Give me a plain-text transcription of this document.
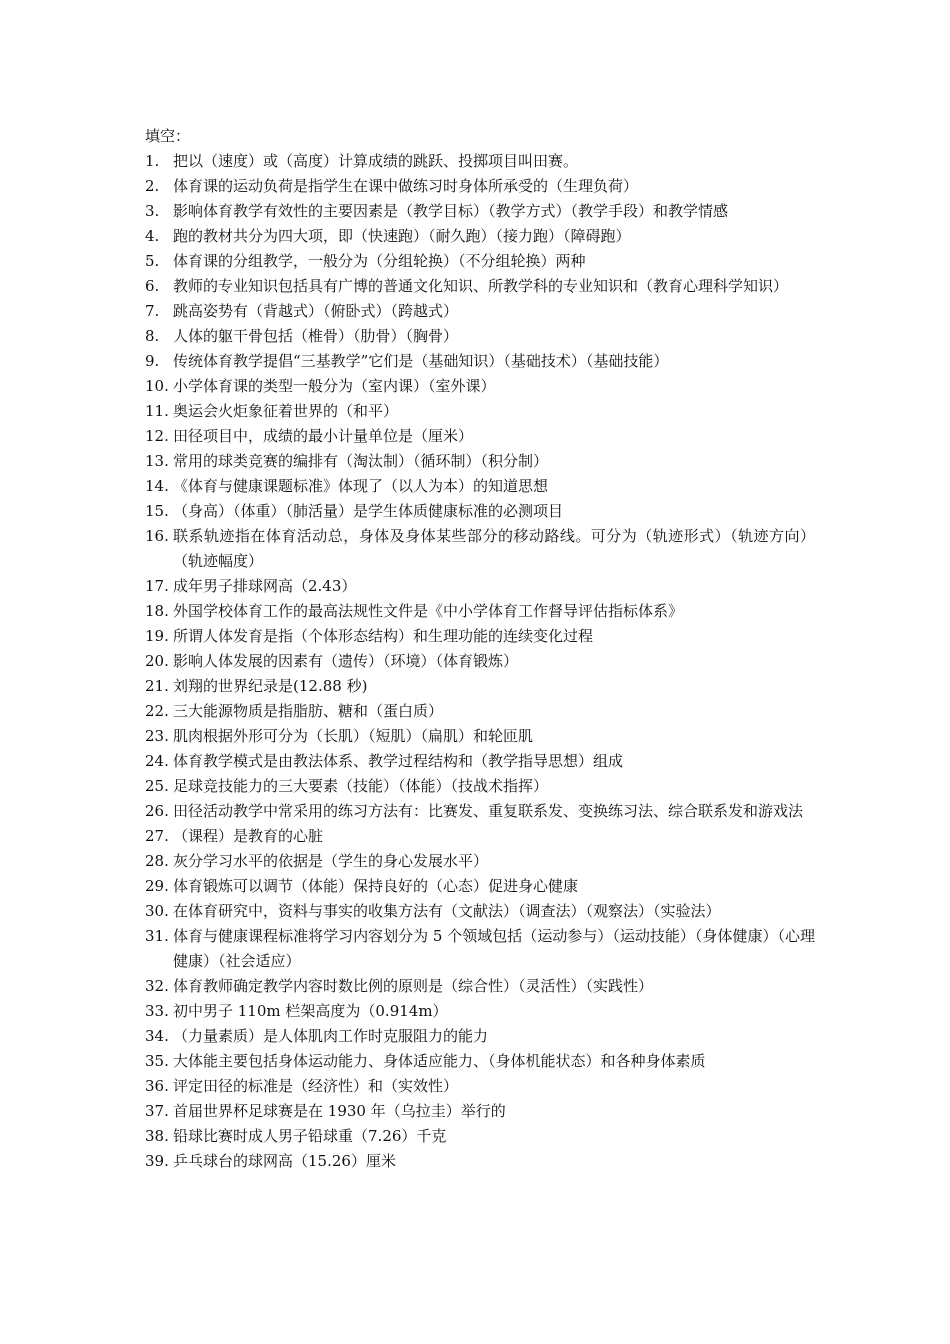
填空：
1. 把以（速度）或（高度）计算成绩的跳跃、投掷项目叫田赛。
2. 体育课的运动负荷是指学生在课中做练习时身体所承受的（生理负荷）
3. 影响体育教学有效性的主要因素是（教学目标）（教学方式）（教学手段）和教学情感
4. 跑的教材共分为四大项，即（快速跑）（耐久跑）（接力跑）（障碍跑）
5. 体育课的分组教学，一般分为（分组轮换）（不分组轮换）两种
6. 教师的专业知识包括具有广博的普通文化知识、所教学科的专业知识和（教育心理科学知识）
7. 跳高姿势有（背越式）（俯卧式）（跨越式）
8. 人体的躯干骨包括（椎骨）（肋骨）（胸骨）
9. 传统体育教学提倡“三基教学”它们是（基础知识）（基础技术）（基础技能）
10. 小学体育课的类型一般分为（室内课）（室外课）
11. 奥运会火炬象征着世界的（和平）
12. 田径项目中，成绩的最小计量单位是（厘米）
13. 常用的球类竞赛的编排有（淘汰制）（循环制）（积分制）
14. 《体育与健康课题标准》体现了（以人为本）的知道思想
15. （身高）（体重）（肺活量）是学生体质健康标准的必测项目
16. 联系轨迹指在体育活动总，身体及身体某些部分的移动路线。可分为（轨迹形式）（轨迹方向）（轨迹幅度）
17. 成年男子排球网高（2.43）
18. 外国学校体育工作的最高法规性文件是《中小学体育工作督导评估指标体系》
19. 所谓人体发育是指（个体形态结构）和生理功能的连续变化过程
20. 影响人体发展的因素有（遗传）（环境）（体育锻炼）
21. 刘翔的世界纪录是(12.88 秒)
22. 三大能源物质是指脂肪、糖和（蛋白质）
23. 肌肉根据外形可分为（长肌）（短肌）（扁肌）和轮匝肌
24. 体育教学模式是由教法体系、教学过程结构和（教学指导思想）组成
25. 足球竞技能力的三大要素（技能）（体能）（技战术指挥）
26. 田径活动教学中常采用的练习方法有：比赛发、重复联系发、变换练习法、综合联系发和游戏法
27. （课程）是教育的心脏
28. 灰分学习水平的依据是（学生的身心发展水平）
29. 体育锻炼可以调节（体能）保持良好的（心态）促进身心健康
30. 在体育研究中，资料与事实的收集方法有（文献法）（调查法）（观察法）（实验法）
31. 体育与健康课程标准将学习内容划分为 5 个领域包括（运动参与）（运动技能）（身体健康）（心理健康）（社会适应）
32. 体育教师确定教学内容时数比例的原则是（综合性）（灵活性）（实践性）
33. 初中男子 110m 栏架高度为（0.914m）
34. （力量素质）是人体肌肉工作时克服阻力的能力
35. 大体能主要包括身体运动能力、身体适应能力、（身体机能状态）和各种身体素质
36. 评定田径的标准是（经济性）和（实效性）
37. 首届世界杯足球赛是在 1930 年（乌拉圭）举行的
38. 铅球比赛时成人男子铅球重（7.26）千克
39. 乒乓球台的球网高（15.26）厘米
